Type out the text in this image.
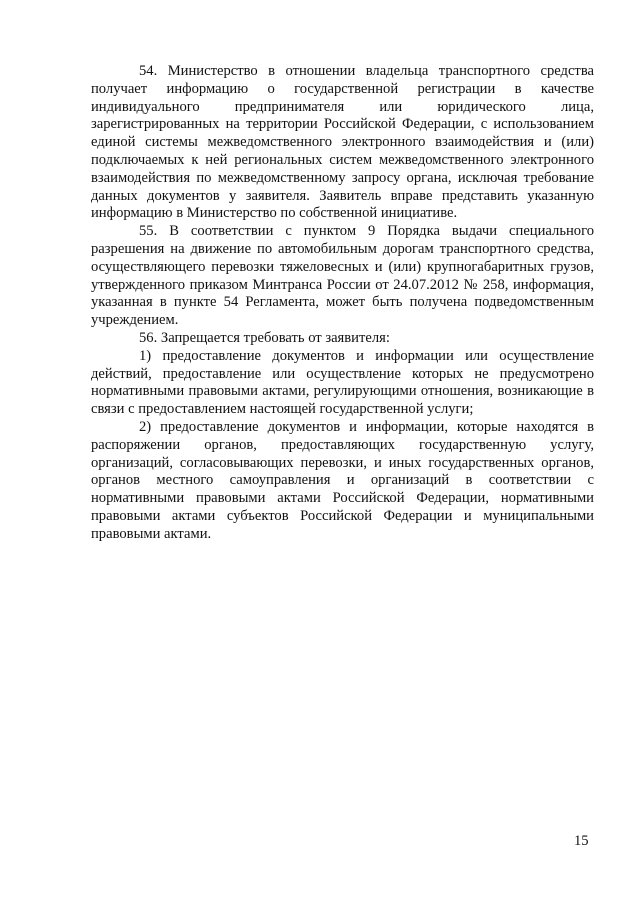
54. Министерство в отношении владельца транспортного средства получает информацию о государственной регистрации в качестве индивидуального предпринимателя или юридического лица, зарегистрированных на территории Российской Федерации, с использованием единой системы межведомственного электронного взаимодействия и (или) подключаемых к ней региональных систем межведомственного электронного взаимодействия по межведомственному запросу органа, исключая требование данных документов у заявителя. Заявитель вправе представить указанную информацию в Министерство по собственной инициативе.

55. В соответствии с пунктом 9 Порядка выдачи специального разрешения на движение по автомобильным дорогам транспортного средства, осуществляющего перевозки тяжеловесных и (или) крупногабаритных грузов, утвержденного приказом Минтранса России от 24.07.2012 № 258, информация, указанная в пункте 54 Регламента, может быть получена подведомственным учреждением.

56. Запрещается требовать от заявителя:

1) предоставление документов и информации или осуществление действий, предоставление или осуществление которых не предусмотрено нормативными правовыми актами, регулирующими отношения, возникающие в связи с предоставлением настоящей государственной услуги;

2) предоставление документов и информации, которые находятся в распоряжении органов, предоставляющих государственную услугу, организаций, согласовывающих перевозки, и иных государственных органов, органов местного самоуправления и организаций в соответствии с нормативными правовыми актами Российской Федерации, нормативными правовыми актами субъектов Российской Федерации и муниципальными правовыми актами.

15
